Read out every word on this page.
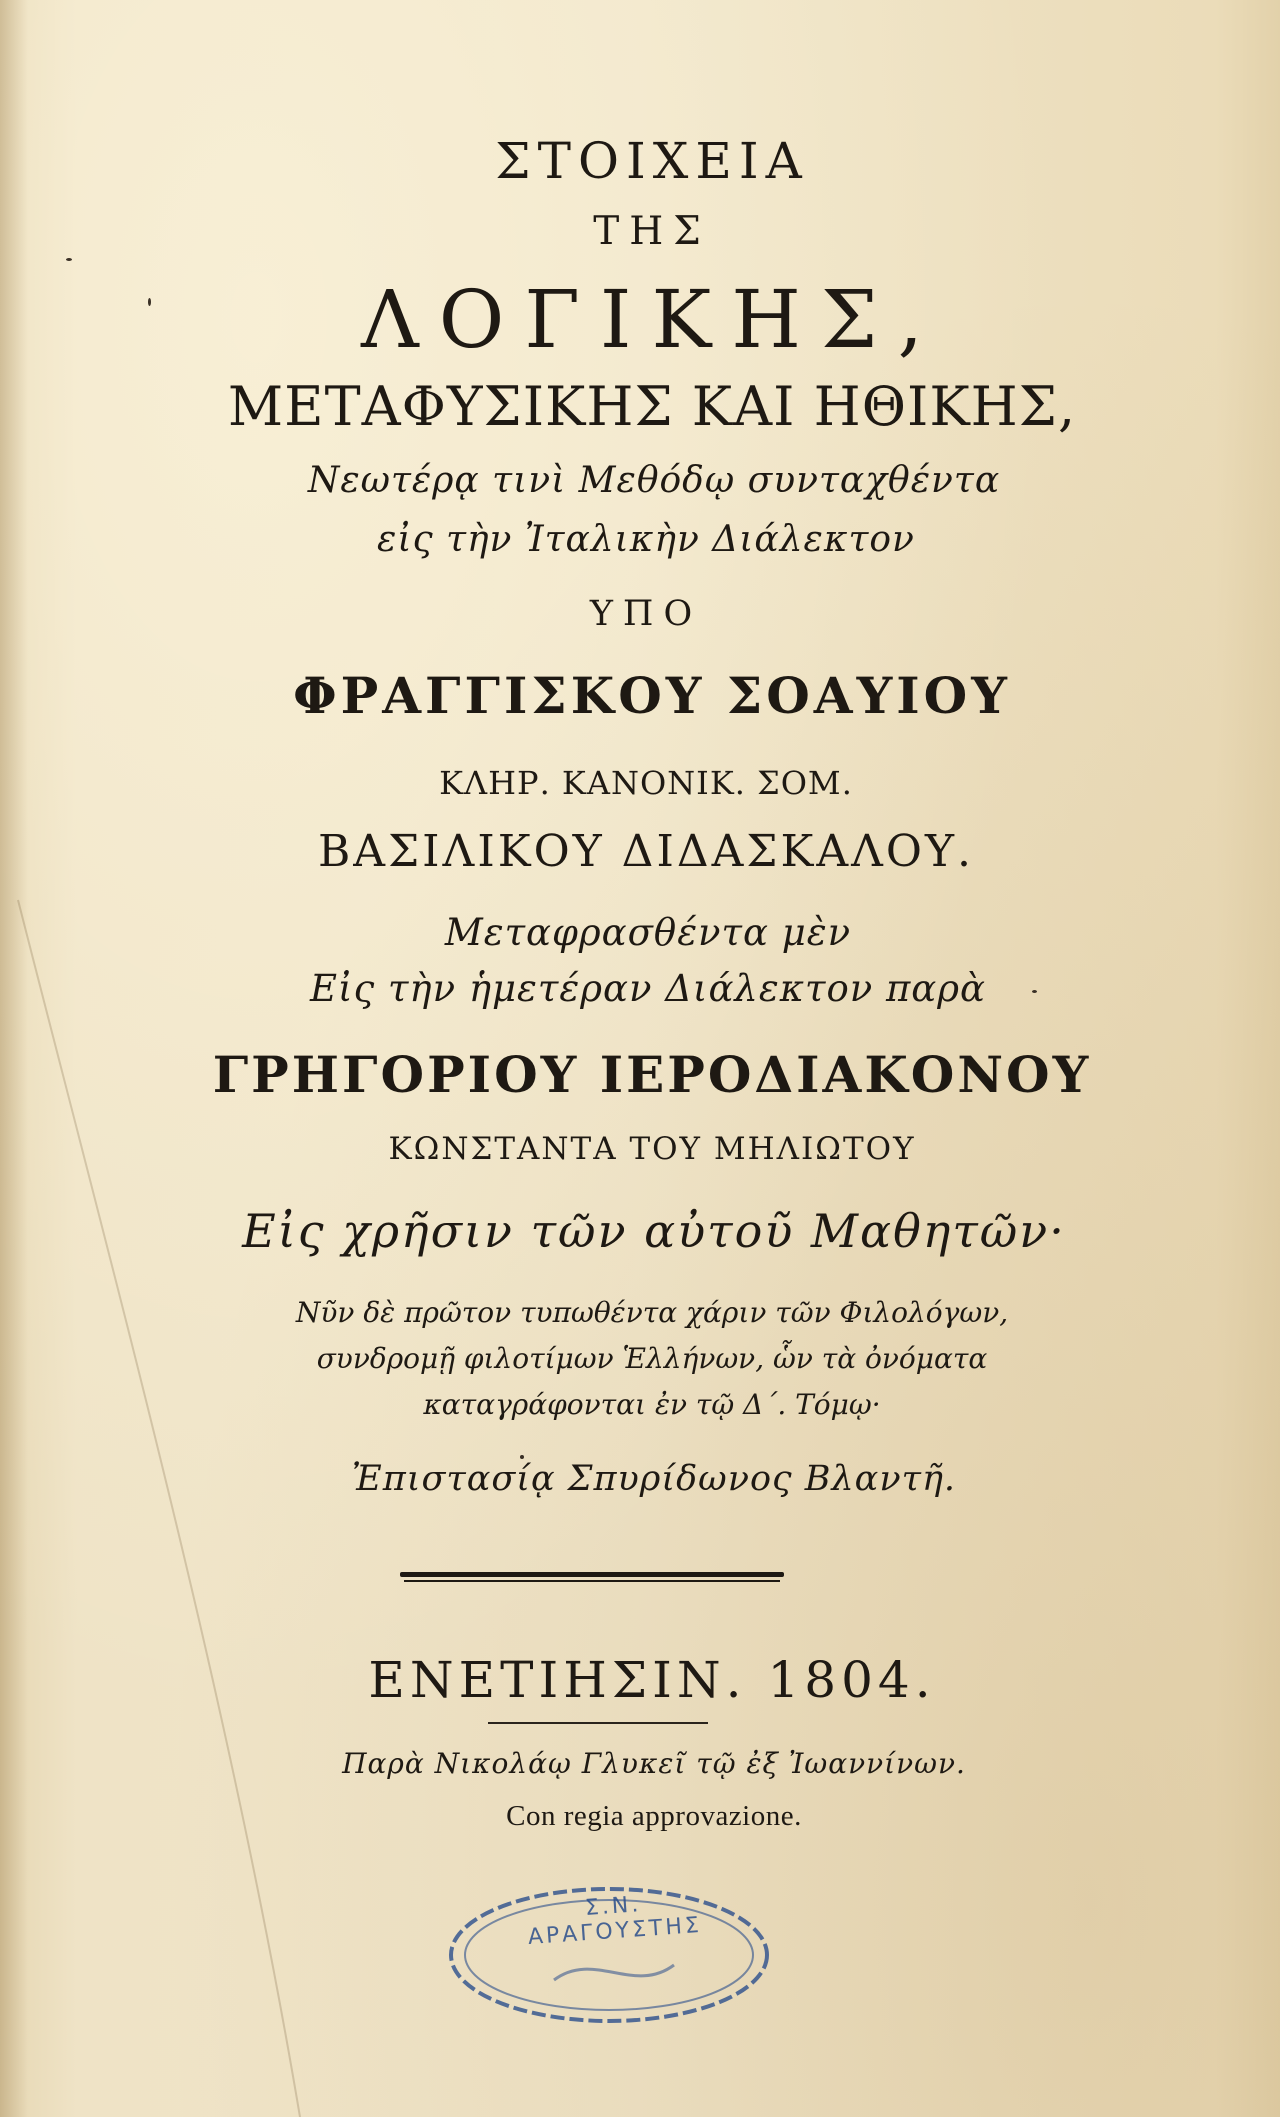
ΣΤΟΙΧΕΙΑ
ΤΗΣ
ΛΟΓΙΚΗΣ,
ΜΕΤΑΦΥΣΙΚΗΣ ΚΑΙ ΗΘΙΚΗΣ,
Νεωτέρᾳ τινὶ Μεθόδῳ συνταχθέντα
εἰς τὴν Ἰταλικὴν Διάλεκτον
ΥΠΟ
ΦΡΑΓΓΙΣΚΟΥ ΣΟΑΥΙΟΥ
ΚΛΗΡ. ΚΑΝΟΝΙΚ. ΣΟΜ.
ΒΑΣΙΛΙΚΟΥ ΔΙΔΑΣΚΑΛΟΥ.
Μεταφρασθέντα μὲν
Εἰς τὴν ἡμετέραν Διάλεκτον παρὰ
ΓΡΗΓΟΡΙΟΥ ΙΕΡΟΔΙΑΚΟΝΟΥ
ΚΩΝΣΤΑΝΤΑ ΤΟΥ ΜΗΛΙΩΤΟΥ
Εἰς χρῆσιν τῶν αὐτοῦ Μαθητῶν·
Νῦν δὲ πρῶτον τυπωθέντα χάριν τῶν Φιλολόγων,
συνδρομῇ φιλοτίμων Ἑλλήνων, ὧν τὰ ὀνόματα
καταγράφονται ἐν τῷ Δ΄. Τόμῳ·
Ἐπιστασίᾳ Σπυρίδωνος Βλαντῆ.
ΕΝΕΤΙΗΣΙΝ. 1804.
Παρὰ Νικολάῳ Γλυκεῖ τῷ ἐξ Ἰωαννίνων.
Con regia approvazione.
Σ.Ν. ΑΡΑΓΟΥΣΤΗΣ
